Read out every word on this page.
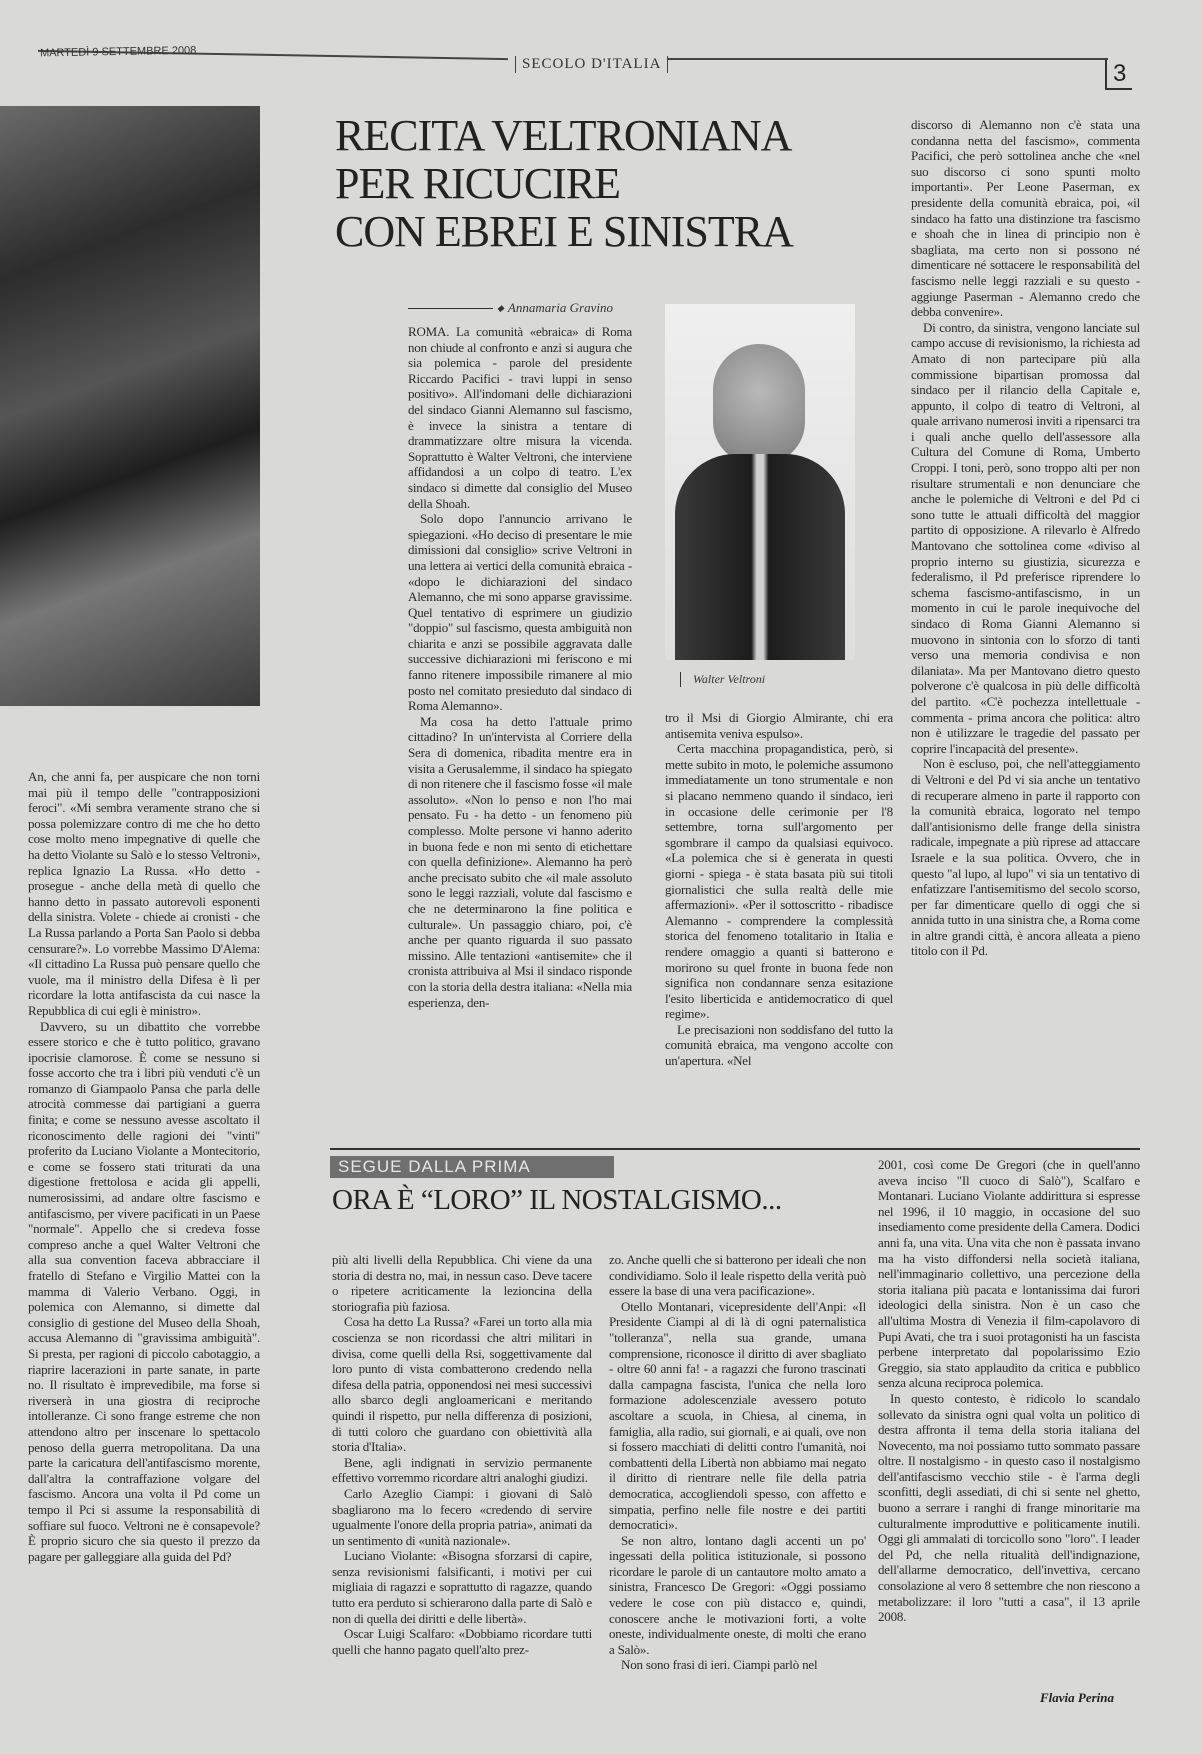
MARTEDÌ 9 SETTEMBRE 2008
SECOLO D'ITALIA	3
RECITA VELTRONIANA
PER RICUCIRE
CON EBREI E SINISTRA
◆ Annamaria Gravino

ROMA. La comunità «ebraica» di Roma non chiude al confronto e anzi si augura che sia polemica - parole del presidente Riccardo Pacifici - travi luppi in senso positivo». All'indomani delle dichiarazioni del sindaco Gianni Alemanno sul fascismo, è invece la sinistra a tentare di drammatizzare oltre misura la vicenda. Soprattutto è Walter Veltroni, che interviene affidandosi a un colpo di teatro. L'ex sindaco si dimette dal consiglio del Museo della Shoah.

Solo dopo l'annuncio arrivano le spiegazioni. «Ho deciso di presentare le mie dimissioni dal consiglio» scrive Veltroni in una lettera ai vertici della comunità ebraica - «dopo le dichiarazioni del sindaco Alemanno, che mi sono apparse gravissime. Quel tentativo di esprimere un giudizio "doppio" sul fascismo, questa ambiguità non chiarita e anzi se possibile aggravata dalle successive dichiarazioni mi feriscono e mi fanno ritenere impossibile rimanere al mio posto nel comitato presieduto dal sindaco di Roma Alemanno».

Ma cosa ha detto l'attuale primo cittadino? In un'intervista al Corriere della Sera di domenica, ribadita mentre era in visita a Gerusalemme, il sindaco ha spiegato di non ritenere che il fascismo fosse «il male assoluto». «Non lo penso e non l'ho mai pensato. Fu - ha detto - un fenomeno più complesso. Molte persone vi hanno aderito in buona fede e non mi sento di etichettare con quella definizione». Alemanno ha però anche precisato subito che «il male assoluto sono le leggi razziali, volute dal fascismo e che ne determinarono la fine politica e culturale». Un passaggio chiaro, poi, c'è anche per quanto riguarda il suo passato missino. Alle tentazioni «antisemite» che il cronista attribuiva al Msi il sindaco risponde con la storia della destra italiana: «Nella mia esperienza, den-

Walter Veltroni

tro il Msi di Giorgio Almirante, chi era antisemita veniva espulso».

Certa macchina propagandistica, però, si mette subito in moto, le polemiche assumono immediatamente un tono strumentale e non si placano nemmeno quando il sindaco, ieri in occasione delle cerimonie per l'8 settembre, torna sull'argomento per sgombrare il campo da qualsiasi equivoco. «La polemica che si è generata in questi giorni - spiega - è stata basata più sui titoli giornalistici che sulla realtà delle mie affermazioni». «Per il sottoscritto - ribadisce Alemanno - comprendere la complessità storica del fenomeno totalitario in Italia e rendere omaggio a quanti si batterono e morirono su quel fronte in buona fede non significa non condannare senza esitazione l'esito liberticida e antidemocratico di quel regime».

Le precisazioni non soddisfano del tutto la comunità ebraica, ma vengono accolte con un'apertura. «Nel

discorso di Alemanno non c'è stata una condanna netta del fascismo», commenta Pacifici, che però sottolinea anche che «nel suo discorso ci sono spunti molto importanti». Per Leone Paserman, ex presidente della comunità ebraica, poi, «il sindaco ha fatto una distinzione tra fascismo e shoah che in linea di principio non è sbagliata, ma certo non si possono né dimenticare né sottacere le responsabilità del fascismo nelle leggi razziali e su questo - aggiunge Paserman - Alemanno credo che debba convenire».

Di contro, da sinistra, vengono lanciate sul campo accuse di revisionismo, la richiesta ad Amato di non partecipare più alla commissione bipartisan promossa dal sindaco per il rilancio della Capitale e, appunto, il colpo di teatro di Veltroni, al quale arrivano numerosi inviti a ripensarci tra i quali anche quello dell'assessore alla Cultura del Comune di Roma, Umberto Croppi. I toni, però, sono troppo alti per non risultare strumentali e non denunciare che anche le polemiche di Veltroni e del Pd ci sono tutte le attuali difficoltà del maggior partito di opposizione. A rilevarlo è Alfredo Mantovano che sottolinea come «diviso al proprio interno su giustizia, sicurezza e federalismo, il Pd preferisce riprendere lo schema fascismo-antifascismo, in un momento in cui le parole inequivoche del sindaco di Roma Gianni Alemanno si muovono in sintonia con lo sforzo di tanti verso una memoria condivisa e non dilaniata». Ma per Mantovano dietro questo polverone c'è qualcosa in più delle difficoltà del partito. «C'è pochezza intellettuale - commenta - prima ancora che politica: altro non è utilizzare le tragedie del passato per coprire l'incapacità del presente».

Non è escluso, poi, che nell'atteggiamento di Veltroni e del Pd vi sia anche un tentativo di recuperare almeno in parte il rapporto con la comunità ebraica, logorato nel tempo dall'antisionismo delle frange della sinistra radicale, impegnate a più riprese ad attaccare Israele e la sua politica. Ovvero, che in questo "al lupo, al lupo" vi sia un tentativo di enfatizzare l'antisemitismo del secolo scorso, per far dimenticare quello di oggi che si annida tutto in una sinistra che, a Roma come in altre grandi città, è ancora alleata a pieno titolo con il Pd.

An, che anni fa, per auspicare che non torni mai più il tempo delle "contrapposizioni feroci". «Mi sembra veramente strano che si possa polemizzare contro di me che ho detto cose molto meno impegnative di quelle che ha detto Violante su Salò e lo stesso Veltroni», replica Ignazio La Russa. «Ho detto - prosegue - anche della metà di quello che hanno detto in passato autorevoli esponenti della sinistra. Volete - chiede ai cronisti - che La Russa parlando a Porta San Paolo si debba censurare?». Lo vorrebbe Massimo D'Alema: «Il cittadino La Russa può pensare quello che vuole, ma il ministro della Difesa è lì per ricordare la lotta antifascista da cui nasce la Repubblica di cui egli è ministro».

Davvero, su un dibattito che vorrebbe essere storico e che è tutto politico, gravano ipocrisie clamorose. È come se nessuno si fosse accorto che tra i libri più venduti c'è un romanzo di Giampaolo Pansa che parla delle atrocità commesse dai partigiani a guerra finita; e come se nessuno avesse ascoltato il riconoscimento delle ragioni dei "vinti" proferito da Luciano Violante a Montecitorio, e come se fossero stati triturati da una digestione frettolosa e acida gli appelli, numerosissimi, ad andare oltre fascismo e antifascismo, per vivere pacificati in un Paese "normale". Appello che si credeva fosse compreso anche a quel Walter Veltroni che alla sua convention faceva abbracciare il fratello di Stefano e Virgilio Mattei con la mamma di Valerio Verbano. Oggi, in polemica con Alemanno, si dimette dal consiglio di gestione del Museo della Shoah, accusa Alemanno di "gravissima ambiguità". Si presta, per ragioni di piccolo cabotaggio, a riaprire lacerazioni in parte sanate, in parte no. Il risultato è imprevedibile, ma forse si riverserà in una giostra di reciproche intolleranze. Ci sono frange estreme che non attendono altro per inscenare lo spettacolo penoso della guerra metropolitana. Da una parte la caricatura dell'antifascismo morente, dall'altra la contraffazione volgare del fascismo. Ancora una volta il Pd come un tempo il Pci si assume la responsabilità di soffiare sul fuoco. Veltroni ne è consapevole? È proprio sicuro che sia questo il prezzo da pagare per galleggiare alla guida del Pd?

SEGUE DALLA PRIMA
ORA È “LORO” IL NOSTALGISMO...

più alti livelli della Repubblica. Chi viene da una storia di destra no, mai, in nessun caso. Deve tacere o ripetere acriticamente la lezioncina della storiografia più faziosa.

Cosa ha detto La Russa? «Farei un torto alla mia coscienza se non ricordassi che altri militari in divisa, come quelli della Rsi, soggettivamente dal loro punto di vista combatterono credendo nella difesa della patria, opponendosi nei mesi successivi allo sbarco degli angloamericani e meritando quindi il rispetto, pur nella differenza di posizioni, di tutti coloro che guardano con obiettività alla storia d'Italia».

Bene, agli indignati in servizio permanente effettivo vorremmo ricordare altri analoghi giudizi.

Carlo Azeglio Ciampi: i giovani di Salò sbagliarono ma lo fecero «credendo di servire ugualmente l'onore della propria patria», animati da un sentimento di «unità nazionale».

Luciano Violante: «Bisogna sforzarsi di capire, senza revisionismi falsificanti, i motivi per cui migliaia di ragazzi e soprattutto di ragazze, quando tutto era perduto si schierarono dalla parte di Salò e non di quella dei diritti e delle libertà».

Oscar Luigi Scalfaro: «Dobbiamo ricordare tutti quelli che hanno pagato quell'alto prez-

zo. Anche quelli che si batterono per ideali che non condividiamo. Solo il leale rispetto della verità può essere la base di una vera pacificazione».

Otello Montanari, vicepresidente dell'Anpi: «Il Presidente Ciampi al di là di ogni paternalistica "tolleranza", nella sua grande, umana comprensione, riconosce il diritto di aver sbagliato - oltre 60 anni fa! - a ragazzi che furono trascinati dalla campagna fascista, l'unica che nella loro formazione adolescenziale avessero potuto ascoltare a scuola, in Chiesa, al cinema, in famiglia, alla radio, sui giornali, e ai quali, ove non si fossero macchiati di delitti contro l'umanità, noi combattenti della Libertà non abbiamo mai negato il diritto di rientrare nelle file della patria democratica, accogliendoli spesso, con affetto e simpatia, perfino nelle file nostre e dei partiti democratici».

Se non altro, lontano dagli accenti un po' ingessati della politica istituzionale, si possono ricordare le parole di un cantautore molto amato a sinistra, Francesco De Gregori: «Oggi possiamo vedere le cose con più distacco e, quindi, conoscere anche le motivazioni forti, a volte oneste, individualmente oneste, di molti che erano a Salò».

Non sono frasi di ieri. Ciampi parlò nel

2001, così come De Gregori (che in quell'anno aveva inciso "Il cuoco di Salò"), Scalfaro e Montanari. Luciano Violante addirittura si espresse nel 1996, il 10 maggio, in occasione del suo insediamento come presidente della Camera. Dodici anni fa, una vita. Una vita che non è passata invano ma ha visto diffondersi nella società italiana, nell'immaginario collettivo, una percezione della storia italiana più pacata e lontanissima dai furori ideologici della sinistra. Non è un caso che all'ultima Mostra di Venezia il film-capolavoro di Pupi Avati, che tra i suoi protagonisti ha un fascista perbene interpretato dal popolarissimo Ezio Greggio, sia stato applaudito da critica e pubblico senza alcuna reciproca polemica.

In questo contesto, è ridicolo lo scandalo sollevato da sinistra ogni qual volta un politico di destra affronta il tema della storia italiana del Novecento, ma noi possiamo tutto sommato passare oltre. Il nostalgismo - in questo caso il nostalgismo dell'antifascismo vecchio stile - è l'arma degli sconfitti, degli assediati, di chi si sente nel ghetto, buono a serrare i ranghi di frange minoritarie ma culturalmente improduttive e politicamente inutili. Oggi gli ammalati di torcicollo sono "loro". I leader del Pd, che nella ritualità dell'indignazione, dell'allarme democratico, dell'invettiva, cercano consolazione al vero 8 settembre che non riescono a metabolizzare: il loro "tutti a casa", il 13 aprile 2008.

Flavia Perina
